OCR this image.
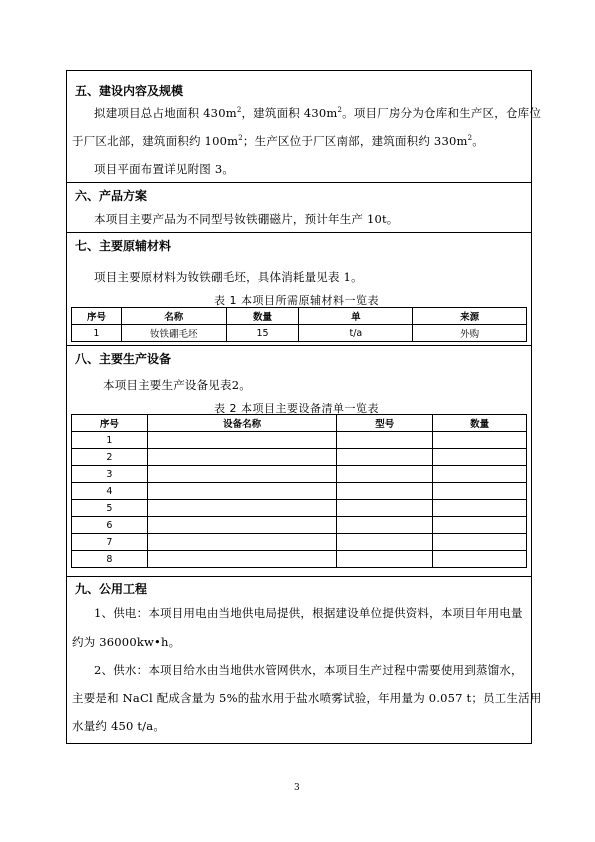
五、建设内容及规模
拟建项目总占地面积 $430m^2$，建筑面积 $430m^2$。项目厂房分为仓库和生产区，仓库位
于厂区北部，建筑面积约 $100m^2$；生产区位于厂区南部，建筑面积约 $330m^2$。
项目平面布置详见附图 3。
六、产品方案
本项目主要产品为不同型号钕铁硼磁片，预计年生产 10t。
七、主要原辅材料
项目主要原材料为钕铁硼毛坯，具体消耗量见表 1。
表 1 本项目所需原辅材料一览表
序号	名称	数量	单	来源
1	钕铁硼毛坯	15	t/a	外购
八、主要生产设备
本项目主要生产设备见表2。
表 2 本项目主要设备清单一览表
序号	设备名称	型号	数量
1			
2			
3			
4			
5			
6			
7			
8			
九、公用工程
1、供电：本项目用电由当地供电局提供，根据建设单位提供资料，本项目年用电量
约为 36000kw•h。
2、供水：本项目给水由当地供水管网供水，本项目生产过程中需要使用到蒸馏水，
主要是和 NaCl 配成含量为 5%的盐水用于盐水喷雾试验，年用量为 0.057 t；员工生活用
水量约 450 t/a。
3
